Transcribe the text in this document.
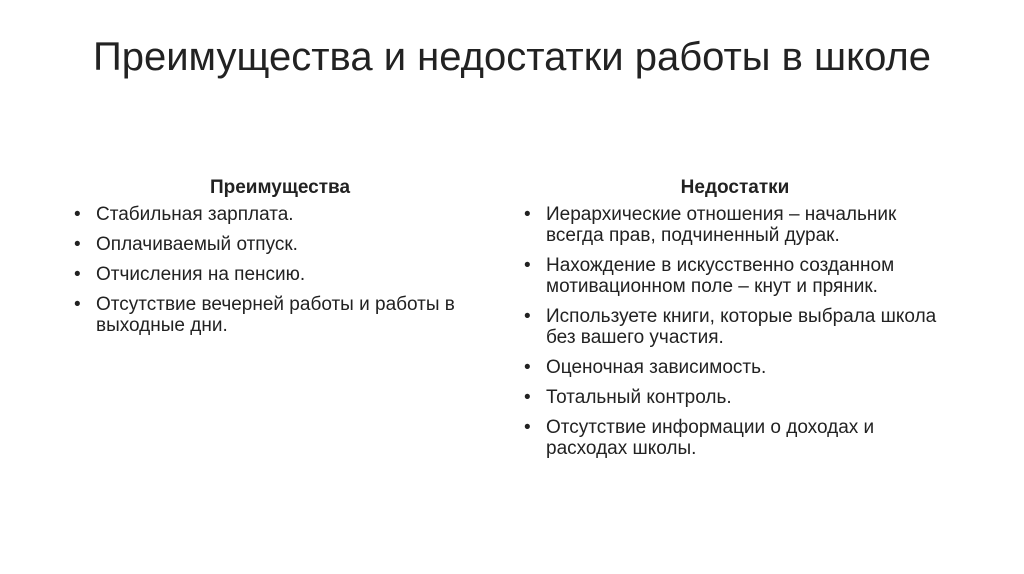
Преимущества и недостатки работы в школе
Преимущества
• Стабильная зарплата.
• Оплачиваемый отпуск.
• Отчисления на пенсию.
• Отсутствие вечерней работы и работы в выходные дни.
Недостатки
• Иерархические отношения – начальник всегда прав, подчиненный дурак.
• Нахождение в искусственно созданном мотивационном поле – кнут и пряник.
• Используете книги, которые выбрала школа без вашего участия.
• Оценочная зависимость.
• Тотальный контроль.
• Отсутствие информации о доходах и расходах школы.
